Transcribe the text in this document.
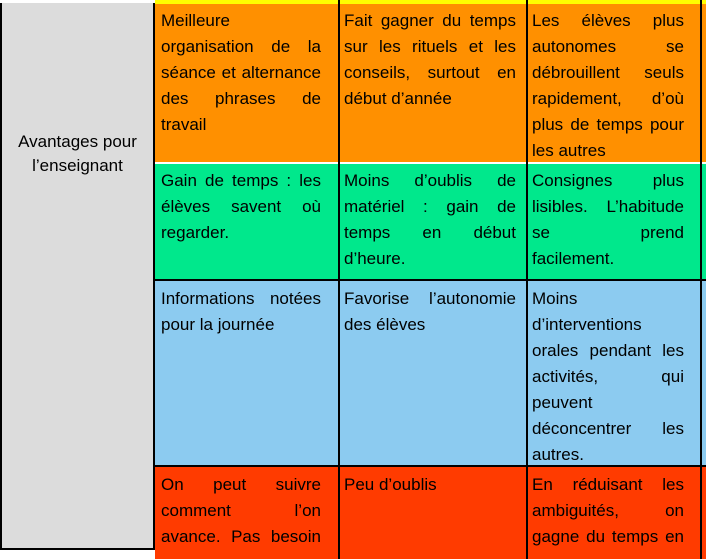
Avantages pour l’enseignant
Meilleure organisation de la séance et alternance des phrases de travail
Fait gagner du temps sur les rituels et les conseils, surtout en début d’année
Les élèves plus autonomes se débrouillent seuls rapidement, d’où plus de temps pour les autres
Gain de temps : les élèves savent où regarder.
Moins d’oublis de matériel : gain de temps en début d’heure.
Consignes plus lisibles. L’habitude se prend facilement.
Informations notées pour la journée
Favorise l’autonomie des élèves
Moins d’interventions orales pendant les activités, qui peuvent déconcentrer les autres.
On peut suivre comment l’on avance. Pas besoin
Peu d’oublis	En réduisant les ambiguités, on gagne du temps en
